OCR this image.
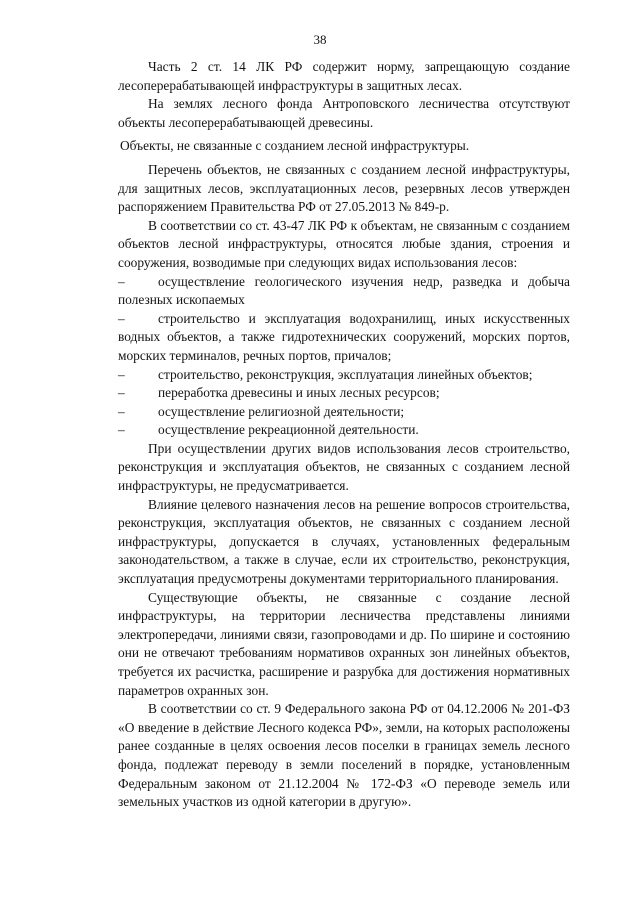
38

Часть 2 ст. 14 ЛК РФ содержит норму, запрещающую создание лесоперерабатывающей инфраструктуры в защитных лесах.

На землях лесного фонда Антроповского лесничества отсутствуют объекты лесоперерабатывающей древесины.

Объекты, не связанные с созданием лесной инфраструктуры.

Перечень объектов, не связанных с созданием лесной инфраструктуры, для защитных лесов, эксплуатационных лесов, резервных лесов утвержден распоряжением Правительства РФ от 27.05.2013 № 849-р.

В соответствии со ст. 43-47 ЛК РФ к объектам, не связанным с созданием объектов лесной инфраструктуры, относятся любые здания, строения и сооружения, возводимые при следующих видах использования лесов:

– осуществление геологического изучения недр, разведка и добыча полезных ископаемых

– строительство и эксплуатация водохранилищ, иных искусственных водных объектов, а также гидротехнических сооружений, морских портов, морских терминалов, речных портов, причалов;

– строительство, реконструкция, эксплуатация линейных объектов;

– переработка древесины и иных лесных ресурсов;

– осуществление религиозной деятельности;

– осуществление рекреационной деятельности.

При осуществлении других видов использования лесов строительство, реконструкция и эксплуатация объектов, не связанных с созданием лесной инфраструктуры, не предусматривается.

Влияние целевого назначения лесов на решение вопросов строительства, реконструкция, эксплуатация объектов, не связанных с созданием лесной инфраструктуры, допускается в случаях, установленных федеральным законодательством, а также в случае, если их строительство, реконструкция, эксплуатация предусмотрены документами территориального планирования.

Существующие объекты, не связанные с создание лесной инфраструктуры, на территории лесничества представлены линиями электропередачи, линиями связи, газопроводами и др. По ширине и состоянию они не отвечают требованиям нормативов охранных зон линейных объектов, требуется их расчистка, расширение и разрубка для достижения нормативных параметров охранных зон.

В соответствии со ст. 9 Федерального закона РФ от 04.12.2006 № 201-ФЗ «О введение в действие Лесного кодекса РФ», земли, на которых расположены ранее созданные в целях освоения лесов поселки в границах земель лесного фонда, подлежат переводу в земли поселений в порядке, установленным Федеральным законом от 21.12.2004 № 172-ФЗ «О переводе земель или земельных участков из одной категории в другую».
